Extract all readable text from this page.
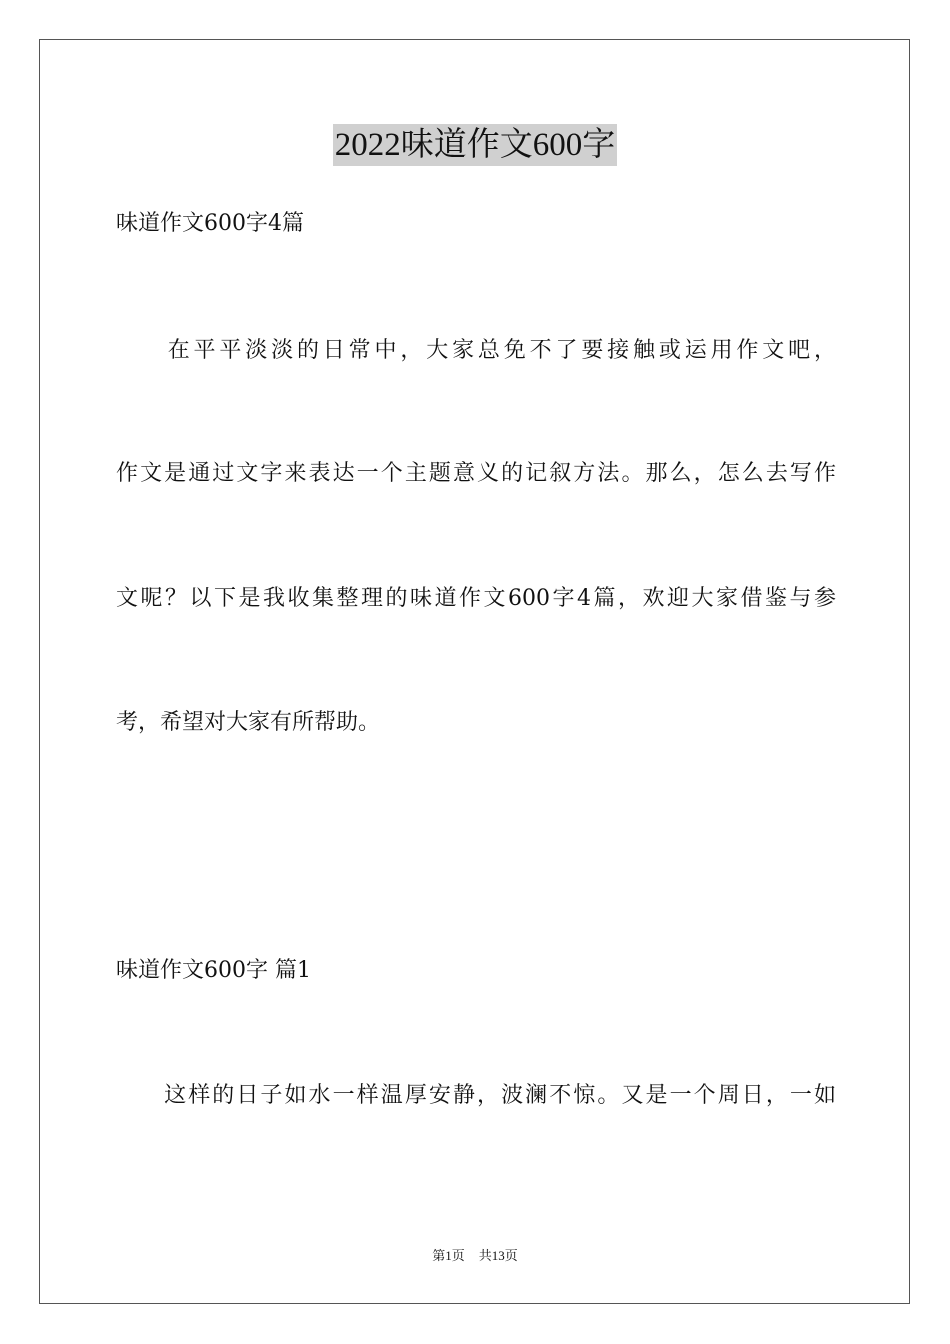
2022味道作文600字
味道作文600字4篇
　　在平平淡淡的日常中，大家总免不了要接触或运用作文吧，
作文是通过文字来表达一个主题意义的记叙方法。那么，怎么去写作
文呢？以下是我收集整理的味道作文600字4篇，欢迎大家借鉴与参
考，希望对大家有所帮助。
味道作文600字 篇1
　　这样的日子如水一样温厚安静，波澜不惊。又是一个周日，一如
第1页 共13页
